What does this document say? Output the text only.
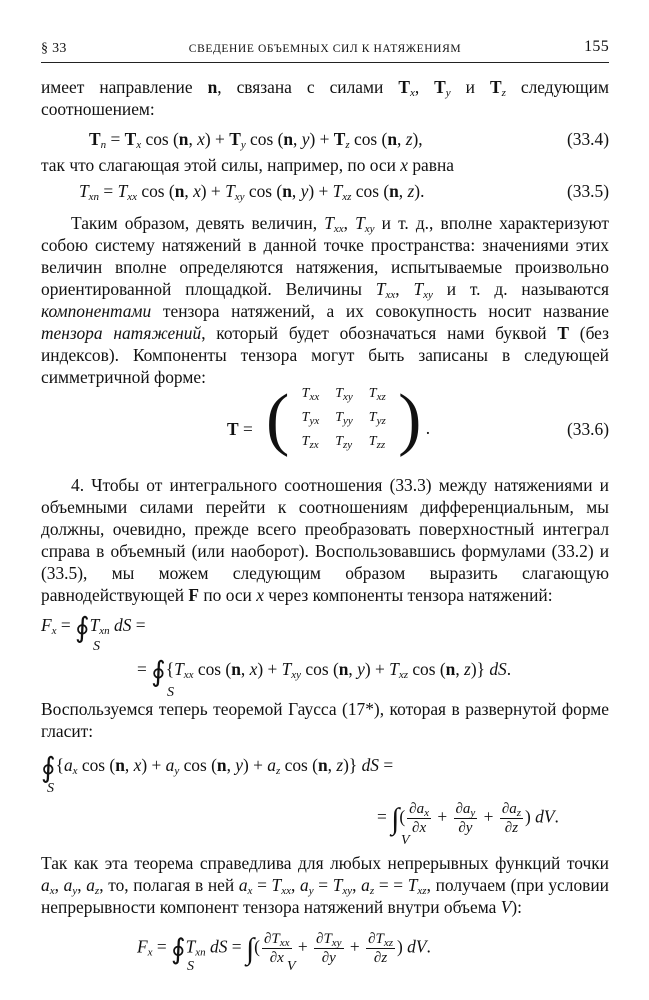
§ 33	СВЕДЕНИЕ ОБЪЕМНЫХ СИЛ К НАТЯЖЕНИЯМ	155

имеет направление n, связана с силами $T_x$, $T_y$ и $T_z$ следующим соотношением:

$T_n = T_x$ cos (n, $x) + T_y$ cos (n, $y) + T_z$ cos (n, z),	(33.4)

так что слагающая этой силы, например, по оси x равна

$T_{xn} = T_{xx}$ cos (n, $x) + T_{xy}$ cos (n, $y) + T_{xz}$ cos (n, z).	(33.5)

Таким образом, девять величин, $T_{xx}$, $T_{xy}$ и т. д., вполне характеризуют собою систему натяжений в данной точке пространства: значениями этих величин вполне определяются натяжения, испытываемые произвольно ориентированной площадкой. Величины $T_{xx}$, $T_{xy}$ и т. д. называются компонентами тензора натяжений, а их совокупность носит название тензора натяжений, который будет обозначаться нами буквой T (без индексов). Компоненты тензора могут быть записаны в следующей симметричной форме:

T = ( $T_{xx}$	$T_{xy}$	$T_{xz}$
$T_{yx}$	$T_{yy}$	$T_{yz}$
$T_{zx}$	$T_{zy}$	$T_{zz}$ ) .	(33.6)

4. Чтобы от интегрального соотношения (33.3) между натяжениями и объемными силами перейти к соотношениям дифференциальным, мы должны, очевидно, прежде всего преобразовать поверхностный интеграл справа в объемный (или наоборот). Воспользовавшись формулами (33.2) и (33.5), мы можем следующим образом выразить слагающую равнодействующей F по оси x через компоненты тензора натяжений:

$F_x$ = $∮T_{xn}$ dS =
S
= $∮\{T_{xx}$ cos (n, $x) + T_{xy}$ cos (n, $y) + T_{xz}$ cos (n, z)} dS.
S

Воспользуемся теперь теоремой Гаусса (17*), которая в развернутой форме гласит:

$∮\{a_x$ cos (n, $x) + a_y$ cos (n, $y) + a_z$ cos (n, z)} dS =
S
= ∫( $\frac{\partial a_x}{\partial x} + \frac{\partial a_y}{\partial y} + \frac{\partial a_z}{\partial z}$ ) dV.
V

Так как эта теорема справедлива для любых непрерывных функций точки $a_x$, $a_y$, $a_z$, то, полагая в ней $a_x = T_{xx}$, $a_y = T_{xy}$, $a_z$ = = $T_{xz}$, получаем (при условии непрерывности компонент тензора натяжений внутри объема V):

$F_x$ = $∮T_{xn}$ dS = ∫( $\frac{\partial T_{xx}}{\partial x} + \frac{\partial T_{xy}}{\partial y} + \frac{\partial T_{xz}}{\partial z}$ ) dV.
S	V
